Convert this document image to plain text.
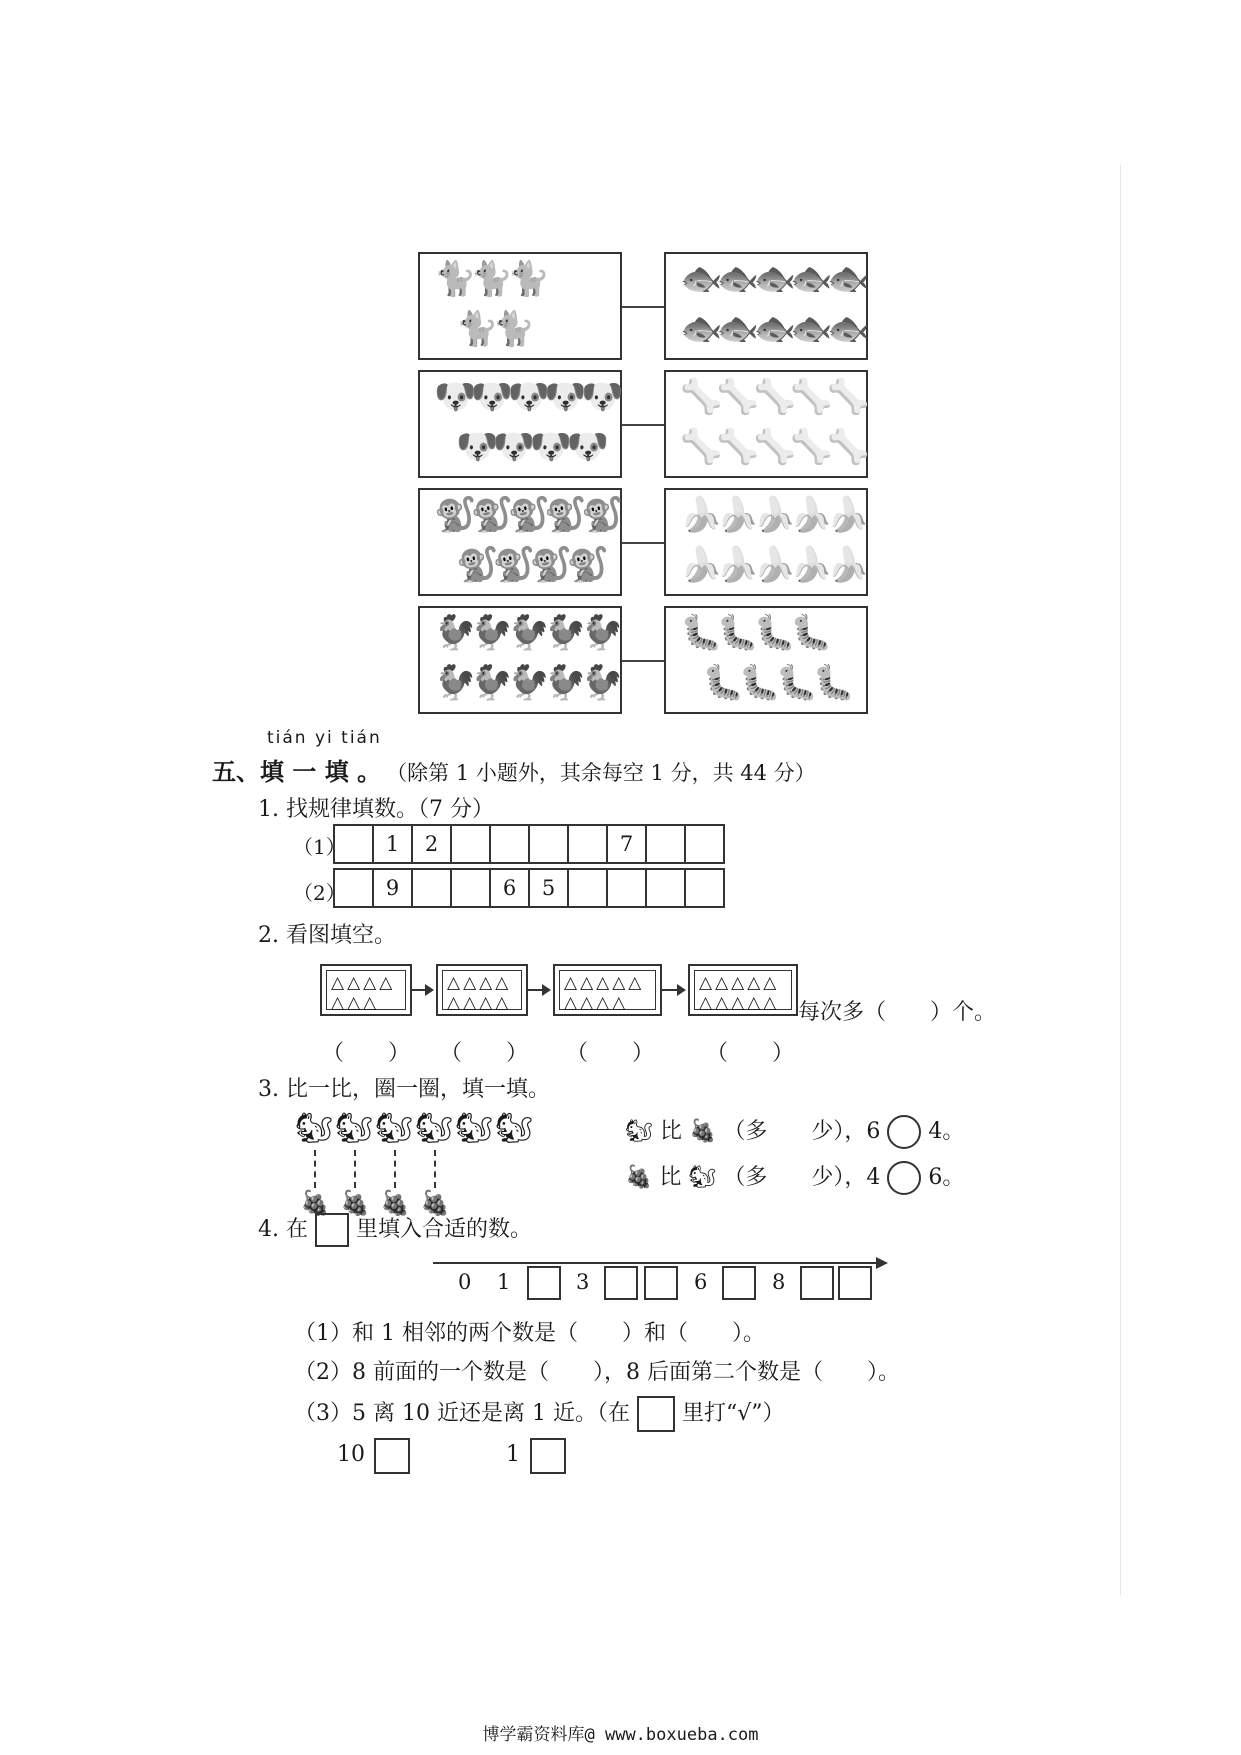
🐈
🐈
🐈
🐈
🐈
🐟
🐟
🐟
🐟
🐟
🐟
🐟
🐟
🐟
🐟
🐶
🐶
🐶
🐶
🐶
🐶
🐶
🐶
🐶
🦴
🦴
🦴
🦴
🦴
🦴
🦴
🦴
🦴
🦴
🐒
🐒
🐒
🐒
🐒
🐒
🐒
🐒
🐒
🍌
🍌
🍌
🍌
🍌
🍌
🍌
🍌
🍌
🍌
🐓
🐓
🐓
🐓
🐓
🐓
🐓
🐓
🐓
🐓
🐛
🐛
🐛
🐛
🐛
🐛
🐛
🐛
tián yi tián
五、填 一 填 。 （除第 1 小题外，其余每空 1 分，共 44 分）
1. 找规律填数。（7 分）
（1）
	1	2					7		
（2）
	9			6	5				
2. 看图填空。
△△△△
△△△
△△△△
△△△△
△△△△△
△△△△
△△△△△
△△△△△ 每次多（　　）个。
（　　） （　　） （　　） （　　）
3. 比一比，圈一圈，填一填。
🐿 🐿 🐿 🐿 🐿 🐿
🍇 🍇 🍇 🍇
🐿 比 🍇 （多　　少），6 4。
🍇 比 🐿 （多　　少），4 6。
4. 在 里填入合适的数。
0 1	3	6	8
（1）和 1 相邻的两个数是（　　）和（　　）。
（2）8 前面的一个数是（　　），8 后面第二个数是（　　）。
（3）5 离 10 近还是离 1 近。（在 里打“√”）
10	1
博学霸资料库@ www.boxueba.com
